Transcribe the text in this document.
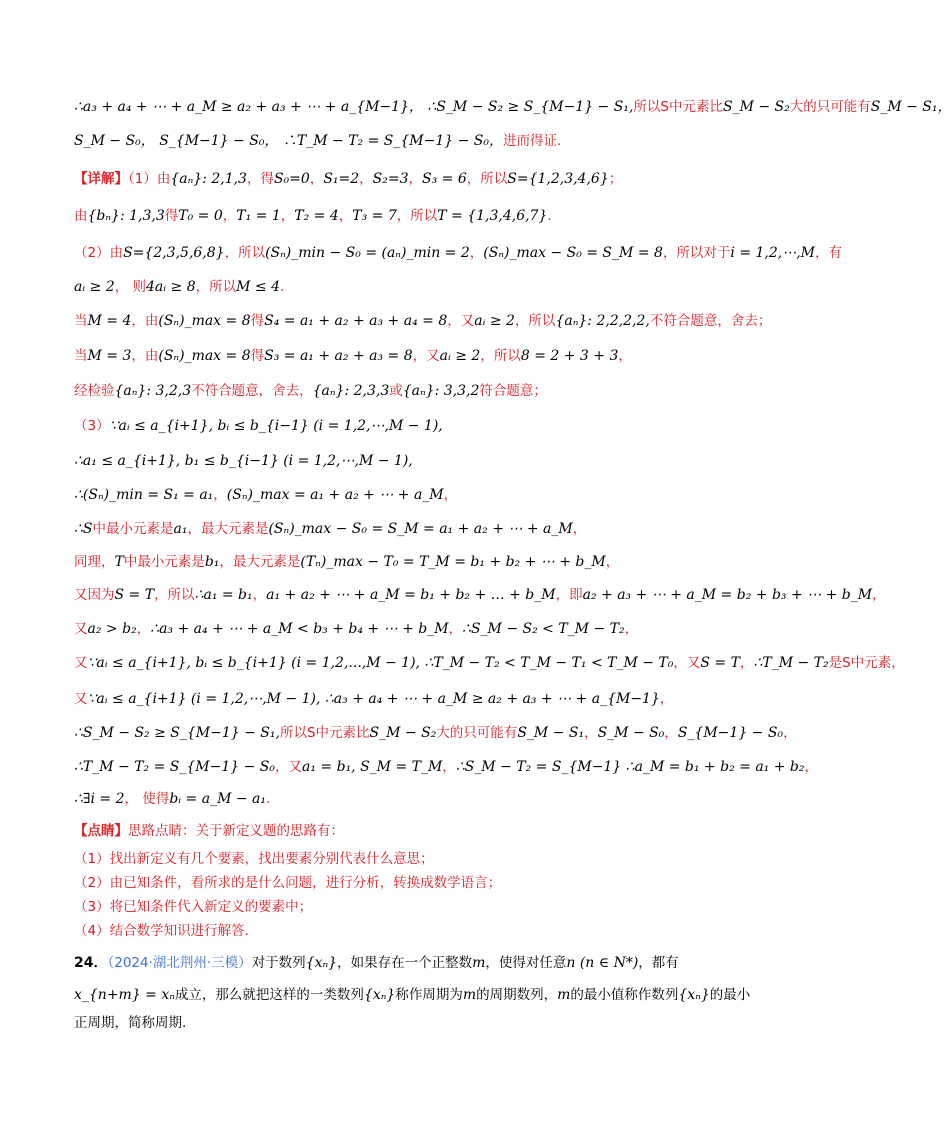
∴a₃ + a₄ + ⋯ + a_M ≥ a₂ + a₃ + ⋯ + a_{M−1}， ∴S_M − S₂ ≥ S_{M−1} − S₁,所以S中元素比S_M − S₂大的只可能有S_M − S₁，
S_M − S₀， S_{M−1} − S₀， ∴T_M − T₂ = S_{M−1} − S₀，进而得证.
【详解】（1）由{aₙ}: 2,1,3，得S₀=0，S₁=2，S₂=3，S₃ = 6，所以S={1,2,3,4,6}；
由{bₙ}: 1,3,3得T₀ = 0，T₁ = 1，T₂ = 4，T₃ = 7，所以T = {1,3,4,6,7}.
（2）由S={2,3,5,6,8}，所以(Sₙ)_min − S₀ = (aₙ)_min = 2，(Sₙ)_max − S₀ = S_M = 8，所以对于i = 1,2,⋯,M，有
aᵢ ≥ 2， 则4aᵢ ≥ 8，所以M ≤ 4.
当M = 4，由(Sₙ)_max = 8得S₄ = a₁ + a₂ + a₃ + a₄ = 8，又aᵢ ≥ 2，所以{aₙ}: 2,2,2,2,不符合题意，舍去；
当M = 3，由(Sₙ)_max = 8得S₃ = a₁ + a₂ + a₃ = 8，又aᵢ ≥ 2，所以8 = 2 + 3 + 3，
经检验{aₙ}: 3,2,3不符合题意，舍去，{aₙ}: 2,3,3或{aₙ}: 3,3,2符合题意；
（3）∵aᵢ ≤ a_{i+1}, bᵢ ≤ b_{i−1} (i = 1,2,⋯,M − 1),
∴a₁ ≤ a_{i+1}, b₁ ≤ b_{i−1} (i = 1,2,⋯,M − 1),
∴(Sₙ)_min = S₁ = a₁，(Sₙ)_max = a₁ + a₂ + ⋯ + a_M，
∴S中最小元素是a₁，最大元素是(Sₙ)_max − S₀ = S_M = a₁ + a₂ + ⋯ + a_M，
同理，T中最小元素是b₁，最大元素是(Tₙ)_max − T₀ = T_M = b₁ + b₂ + ⋯ + b_M，
又因为S = T，所以∴a₁ = b₁，a₁ + a₂ + ⋯ + a_M = b₁ + b₂ + … + b_M，即a₂ + a₃ + ⋯ + a_M = b₂ + b₃ + ⋯ + b_M，
又a₂ > b₂，∴a₃ + a₄ + ⋯ + a_M < b₃ + b₄ + ⋯ + b_M，∴S_M − S₂ < T_M − T₂，
又∵aᵢ ≤ a_{i+1}, bᵢ ≤ b_{i+1} (i = 1,2,...,M − 1), ∴T_M − T₂ < T_M − T₁ < T_M − T₀，又S = T，∴T_M − T₂是S中元素，
又∵aᵢ ≤ a_{i+1} (i = 1,2,⋯,M − 1), ∴a₃ + a₄ + ⋯ + a_M ≥ a₂ + a₃ + ⋯ + a_{M−1}，
∴S_M − S₂ ≥ S_{M−1} − S₁,所以S中元素比S_M − S₂大的只可能有S_M − S₁，S_M − S₀，S_{M−1} − S₀，
∴T_M − T₂ = S_{M−1} − S₀，又a₁ = b₁, S_M = T_M，∴S_M − T₂ = S_{M−1} ∴a_M = b₁ + b₂ = a₁ + b₂，
∴∃i = 2， 使得bᵢ = a_M − a₁.
【点睛】思路点睛：关于新定义题的思路有：
（1）找出新定义有几个要素，找出要素分别代表什么意思；
（2）由已知条件，看所求的是什么问题，进行分析，转换成数学语言；
（3）将已知条件代入新定义的要素中；
（4）结合数学知识进行解答.
24．（2024·湖北荆州·三模）对于数列{xₙ}，如果存在一个正整数m，使得对任意n (n ∈ N*)，都有
x_{n+m} = xₙ成立，那么就把这样的一类数列{xₙ}称作周期为m的周期数列，m的最小值称作数列{xₙ}的最小
正周期，简称周期.
